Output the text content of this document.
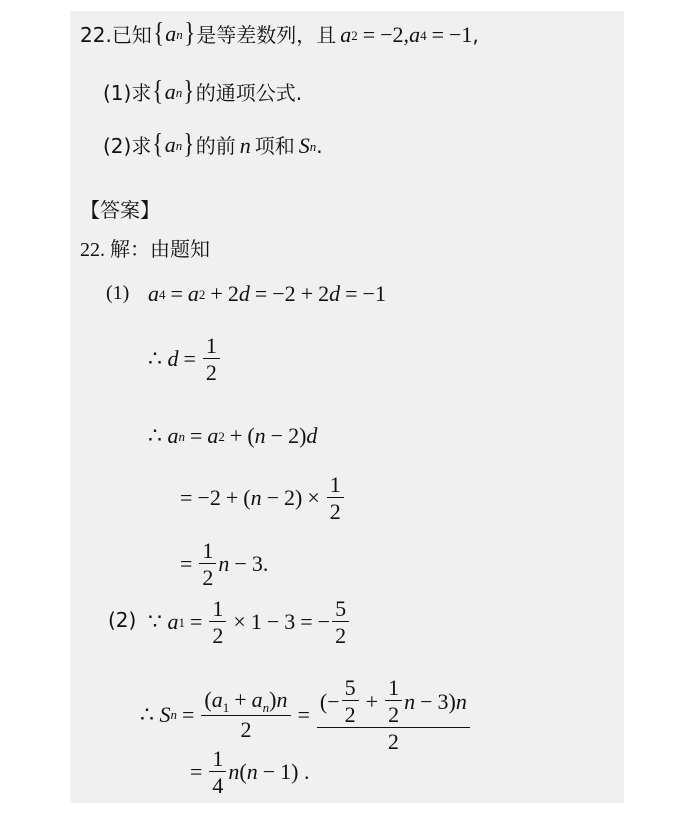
22.已知 { a n } 是等差数列，且 a 2 = −2, a 4 = −1,
(1)求 { a n } 的通项公式.
(2)求 { a n } 的前 n 项和 S n .
【答案】
22. 解：由题知
(1) a 4 = a 2 + 2 d = −2 + 2 d = −1
∴
$d = \frac{1}{2}$
∴
a n = a 2 + ( n − 2) d
= −2 + ( $n - 2) \times \frac{1}{2}$
= $\frac{1}{2}$ n − 3.
(2) ∵
a $1 = \frac{1}{2} \times 1 - 3$ = − $\frac{5}{2}$
∴
S $n = \frac{(a_1 + a_n)n}{2} = \frac{(- \frac{5}{2} + \frac{1}{2} n - 3) n}{2}$
= $\frac{1}{4}$ n ( n − 1) .
